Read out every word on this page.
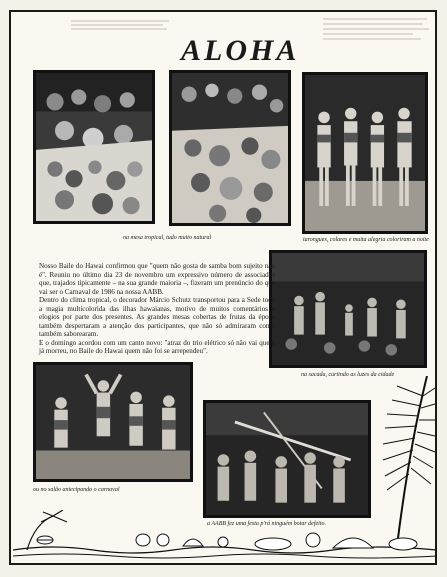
ALOHA
na mesa tropical, tudo muito natural	tarongues, colares e muita alegria coloriram a noite
na sacada, curtindo as luzes da cidade
ou no salão antecipando o carnaval
a AABB fez uma festa p'rá ninguém botar defeito.

Nosso Baile do Hawai confirmou que "quem não gosta de samba bom sujeito não é". Reuniu no último dia 23 de novembro um expressivo número de associados que, trajados tipicamente – na sua grande maioria –, fizeram um prenúncio do que vai ser o Carnaval de 1986 na nossa AABB.

Dentro do clima tropical, o decorador Márcio Schutz transportou para a Sede toda a magia multicolorida das ilhas hawaianas, motivo de muitos comentários e elogios por parte dos presentes. As grandes mesas cobertas de frutas da época também despertaram a atenção dos participantes, que não só admiraram como também saborearam.

E o domingo acordou com um canto novo: "atraz do trio elétrico só não vai quem já morreu, no Baile do Hawai quem não foi se arrependeu".
